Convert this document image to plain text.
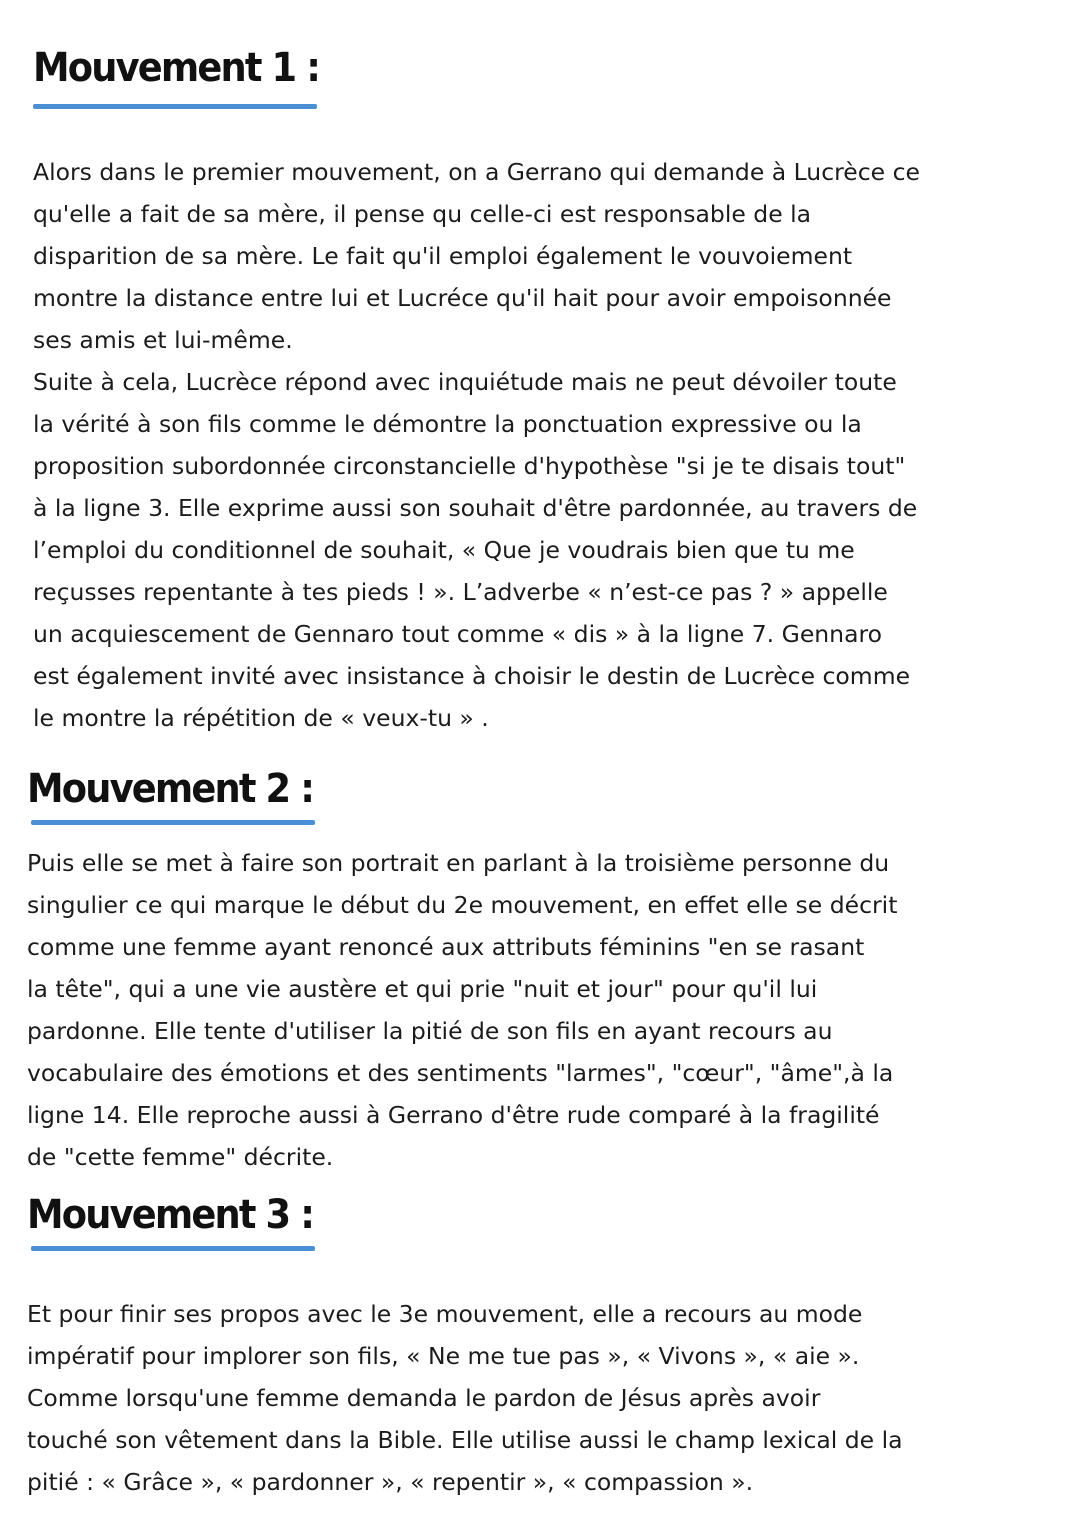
Mouvement 1 :
Alors dans le premier mouvement, on a Gerrano qui demande à Lucrèce ce
qu'elle a fait de sa mère, il pense qu celle-ci est responsable de la
disparition de sa mère. Le fait qu'il emploi également le vouvoiement
montre la distance entre lui et Lucréce qu'il hait pour avoir empoisonnée
ses amis et lui-même.
Suite à cela, Lucrèce répond avec inquiétude mais ne peut dévoiler toute
la vérité à son fils comme le démontre la ponctuation expressive ou la
proposition subordonnée circonstancielle d'hypothèse "si je te disais tout"
à la ligne 3. Elle exprime aussi son souhait d'être pardonnée, au travers de
l’emploi du conditionnel de souhait, « Que je voudrais bien que tu me
reçusses repentante à tes pieds ! ». L’adverbe « n’est-ce pas ? » appelle
un acquiescement de Gennaro tout comme « dis » à la ligne 7. Gennaro
est également invité avec insistance à choisir le destin de Lucrèce comme
le montre la répétition de « veux-tu » .
Mouvement 2 :
Puis elle se met à faire son portrait en parlant à la troisième personne du
singulier ce qui marque le début du 2e mouvement, en effet elle se décrit
comme une femme ayant renoncé aux attributs féminins "en se rasant
la tête", qui a une vie austère et qui prie "nuit et jour" pour qu'il lui
pardonne. Elle tente d'utiliser la pitié de son fils en ayant recours au
vocabulaire des émotions et des sentiments "larmes", "cœur", "âme",à la
ligne 14. Elle reproche aussi à Gerrano d'être rude comparé à la fragilité
de "cette femme" décrite.
Mouvement 3 :
Et pour finir ses propos avec le 3e mouvement, elle a recours au mode
impératif pour implorer son fils, « Ne me tue pas », « Vivons », « aie ».
Comme lorsqu'une femme demanda le pardon de Jésus après avoir
touché son vêtement dans la Bible. Elle utilise aussi le champ lexical de la
pitié : « Grâce », « pardonner », « repentir », « compassion ».
